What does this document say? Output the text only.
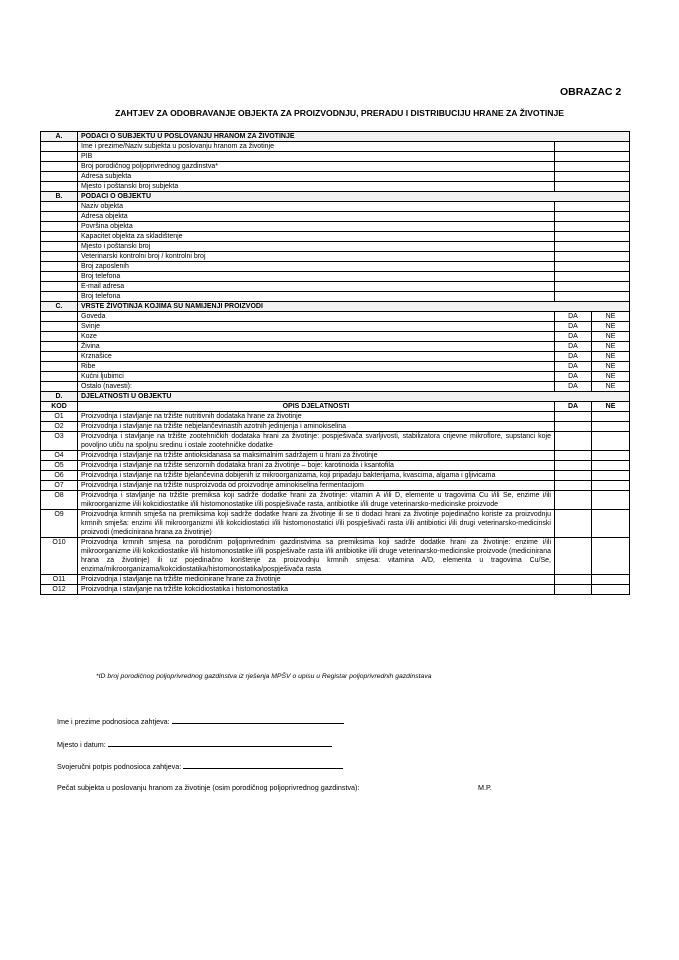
OBRAZAC 2
ZAHTJEV ZA ODOBRAVANJE OBJEKTA ZA PROIZVODNJU, PRERADU I DISTRIBUCIJU HRANE ZA ŽIVOTINJE
A.	PODACI O SUBJEKTU U POSLOVANJU HRANOM ZA ŽIVOTINJE		
	Ime i prezime/Naziv subjekta u poslovanju hranom za životinje		
	PIB		
	Broj porodičnog poljoprivrednog gazdinstva*		
	Adresa subjekta		
	Mjesto i poštanski broj subjekta		
B.	PODACI O OBJEKTU		
	Naziv objekta		
	Adresa objekta		
	Površina objekta		
	Kapacitet objekta za skladištenje		
	Mjesto i poštanski broj		
	Veterinarski kontrolni broj / kontrolni broj		
	Broj zaposlenih		
	Broj telefona		
	E-mail adresa		
	Broj telefona		
C.	VRSTE ŽIVOTINJA KOJIMA SU NAMIJENJI PROIZVODI		
	Goveda	DA	NE
	Svinje	DA	NE
	Koze	DA	NE
	Živina	DA	NE
	Krznašice	DA	NE
	Ribe	DA	NE
	Kućni ljubimci	DA	NE
	Ostalo (navesti):	DA	NE
D.	DJELATNOSTI U OBJEKTU		
KOD	OPIS DJELATNOSTI	DA	NE
O1	Proizvodnja i stavljanje na tržište nutritivnih dodataka hrane za životinje		
O2	Proizvodnja i stavljanje na tržište nebjelančevinastih azotnih jedinjenja i aminokiselina		
O3	Proizvodnja i stavljanje na tržište zootehničkih dodataka hrani za životinje: pospješivača svarljivosti, stabilizatora crijevne mikroflore, supstanci koje povoljno utiču na spoljnu sredinu i ostale zootehničke dodatke		
O4	Proizvodnja i stavljanje na tržište antioksidanasa sa maksimalnim sadržajem u hrani za životinje		
O5	Proizvodnja i stavljanje na tržište senzornih dodataka hrani za životinje – boje: karotinoida i ksantofila		
O6	Proizvodnja i stavljanje na tržište bjelančevina dobijenih iz mikroorganizama, koji pripadaju bakterijama, kvascima, algama i gljivicama		
O7	Proizvodnja i stavljanje na tržište nusproizvoda od proizvodnje aminokiselina fermentacijom		
O8	Proizvodnja i stavljanje na tržište premiksa koji sadrže dodatke hrani za životinje: vitamin A i/ili D, elemente u tragovima Cu i/ili Se, enzime i/ili mikroorganizme i/ili kokcidiostatike i/ili histomonostatike i/ili pospješivače rasta, antibiotike i/ili druge veterinarsko-medicinske proizvode		
O9	Proizvodnja krmnih smješa na premiksima koji sadrže dodatke hrani za životinje ili se ti dodaci hrani za životinje pojedinačno koriste za proizvodnju krmnih smješa: enzimi i/ili mikroorganizmi i/ili kokcidiostatici i/ili histomonostatici i/ili pospješivači rasta i/ili antibiotici i/ili drugi veterinarsko-medicinski proizvodi (medicinirana hrana za životinje)		
O10	Proizvodnja krmnih smjesa na porodičnim poljoprivrednim gazdinstvima sa premiksima koji sadrže dodatke hrani za životinje: enzime i/ili mikroorganizme i/ili kokcidiostatike i/ili histomonostatike i/ili pospješivače rasta i/ili antibiotike i/ili druge veterinarsko-medicinske proizvode (medicinirana hrana za životinje) ili uz pojedinačno korištenje za proizvodnju krmnih smjesa: vitamina A/D, elementa u tragovima Cu/Se, enzima/mikroorganizama/kokcidiostatika/histomonostatika/pospješivača rasta		
O11	Proizvodnja i stavljanje na tržište medicinirane hrane za životinje		
O12	Proizvodnja i stavljanje na tržište kokcidiostatika i histomonostatika		
*ID broj porodičnog poljoprivrednog gazdinstva iz rješenja MPŠV o upisu u Registar poljoprivrednih gazdinstava
Ime i prezime podnosioca zahtjeva:
Mjesto i datum:
Svojeručni potpis podnosioca zahtjeva:
Pečat subjekta u poslovanju hranom za životinje (osim porodičnog poljoprivrednog gazdinstva):	M.P.
